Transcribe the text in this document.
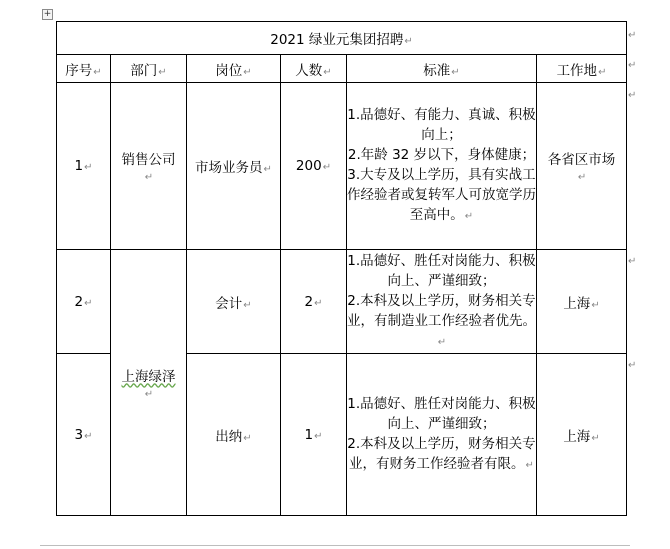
+
2021 绿业元集团招聘↵					
序号↵	部门↵	岗位↵	人数↵	标准↵	工作地↵
1↵	销售公司↵	市场业务员↵	200↵	1.品德好、有能力、真诚、积极向上；
2.年龄 32 岁以下，身体健康；
3.大专及以上学历，具有实战工作经验者或复转军人可放宽学历至高中。↵	各省区市场↵
2↵	上海绿泽↵	会计↵	2↵	1.品德好、胜任对岗能力、积极向上、严谨细致；
2.本科及以上学历，财务相关专业，有制造业工作经验者优先。↵	上海↵
3↵		出纳↵	1↵	1.品德好、胜任对岗能力、积极向上、严谨细致；
2.本科及以上学历，财务相关专业，有财务工作经验者有限。↵	上海↵
↵
↵
↵
↵
↵
